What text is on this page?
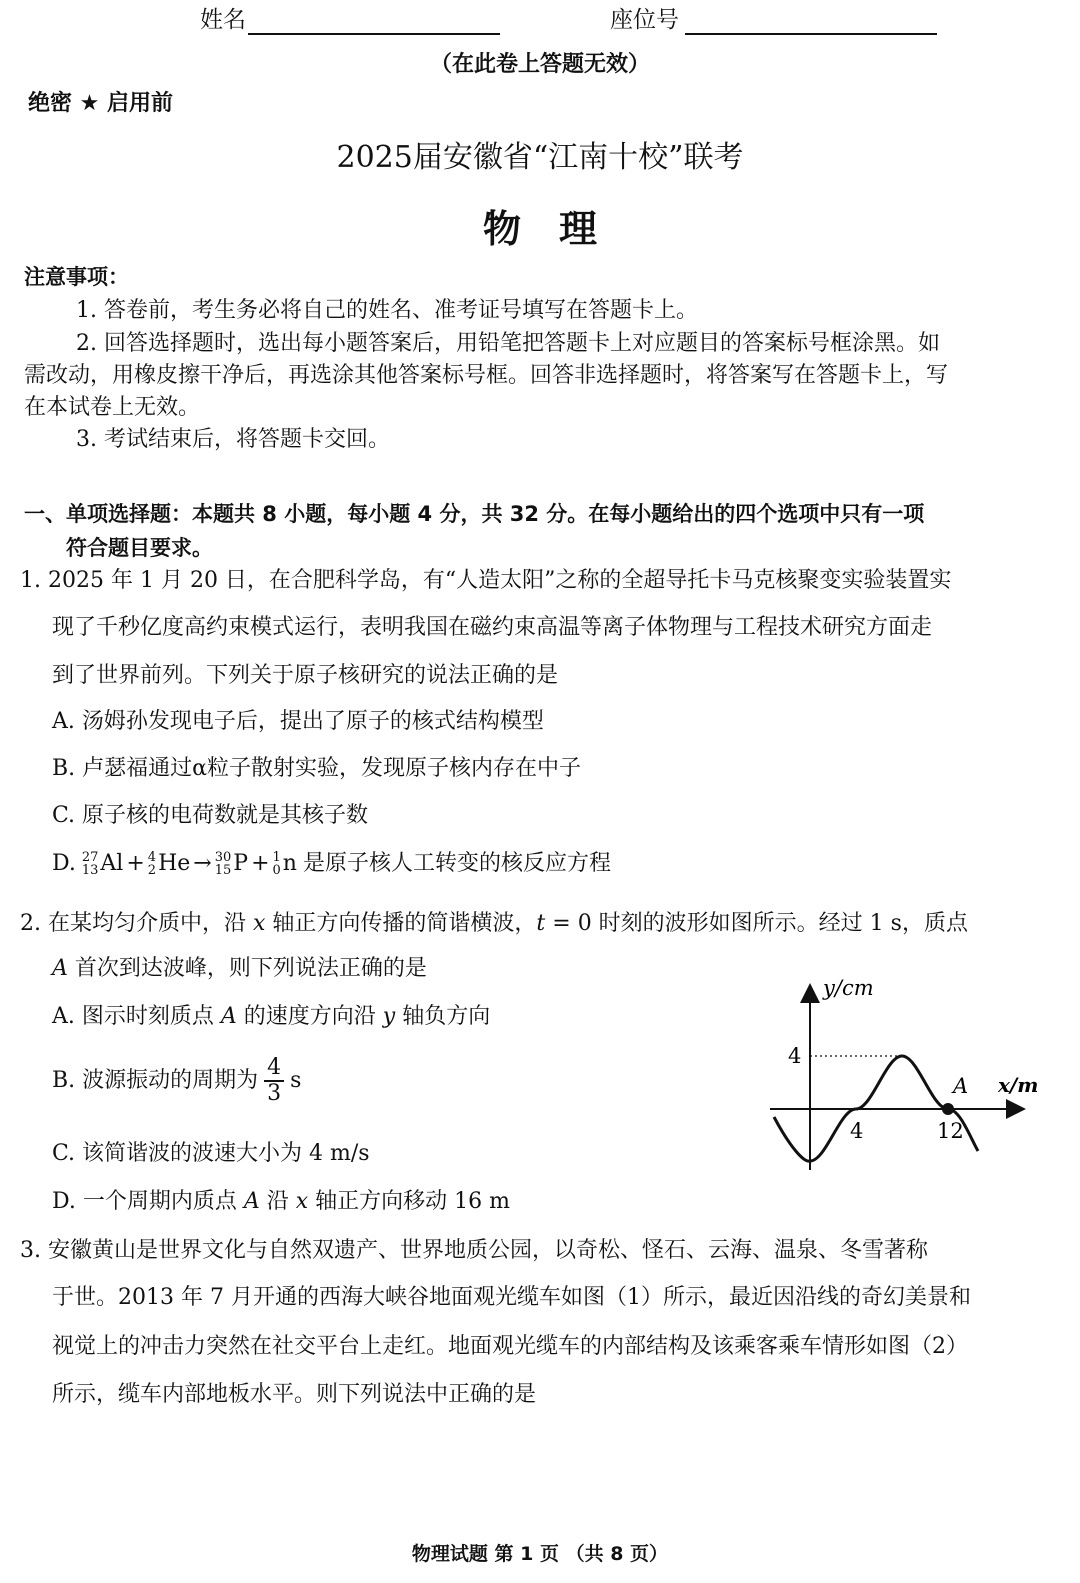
姓名	座位号
（在此卷上答题无效）
绝密 ★ 启用前
2025届安徽省“江南十校”联考
物　理
注意事项：
1. 答卷前，考生务必将自己的姓名、准考证号填写在答题卡上。
2. 回答选择题时，选出每小题答案后，用铅笔把答题卡上对应题目的答案标号框涂黑。如
需改动，用橡皮擦干净后，再选涂其他答案标号框。回答非选择题时，将答案写在答题卡上，写
在本试卷上无效。
3. 考试结束后，将答题卡交回。
一、单项选择题：本题共 8 小题，每小题 4 分，共 32 分。在每小题给出的四个选项中只有一项
符合题目要求。
1. 2025 年 1 月 20 日，在合肥科学岛，有“人造太阳”之称的全超导托卡马克核聚变实验装置实
现了千秒亿度高约束模式运行，表明我国在磁约束高温等离子体物理与工程技术研究方面走
到了世界前列。下列关于原子核研究的说法正确的是
A. 汤姆孙发现电子后，提出了原子的核式结构模型
B. 卢瑟福通过α粒子散射实验，发现原子核内存在中子
C. 原子核的电荷数就是其核子数
D. 27
13 Al + 4
2 He → 30
15 P + 1
0 n 是原子核人工转变的核反应方程
2. 在某均匀介质中，沿 x 轴正方向传播的简谐横波，t = 0 时刻的波形如图所示。经过 1 s，质点
A 首次到达波峰，则下列说法正确的是
A. 图示时刻质点 A 的速度方向沿 y 轴负方向
B. 波源振动的周期为 $\frac{4}{3}$ s
C. 该简谐波的波速大小为 4 m/s
D. 一个周期内质点 A 沿 x 轴正方向移动 16 m
y/cm
x/m
4
4	12
A
3. 安徽黄山是世界文化与自然双遗产、世界地质公园，以奇松、怪石、云海、温泉、冬雪著称
于世。2013 年 7 月开通的西海大峡谷地面观光缆车如图（1）所示，最近因沿线的奇幻美景和
视觉上的冲击力突然在社交平台上走红。地面观光缆车的内部结构及该乘客乘车情形如图（2）
所示，缆车内部地板水平。则下列说法中正确的是
物理试题 第 1 页 （共 8 页）
